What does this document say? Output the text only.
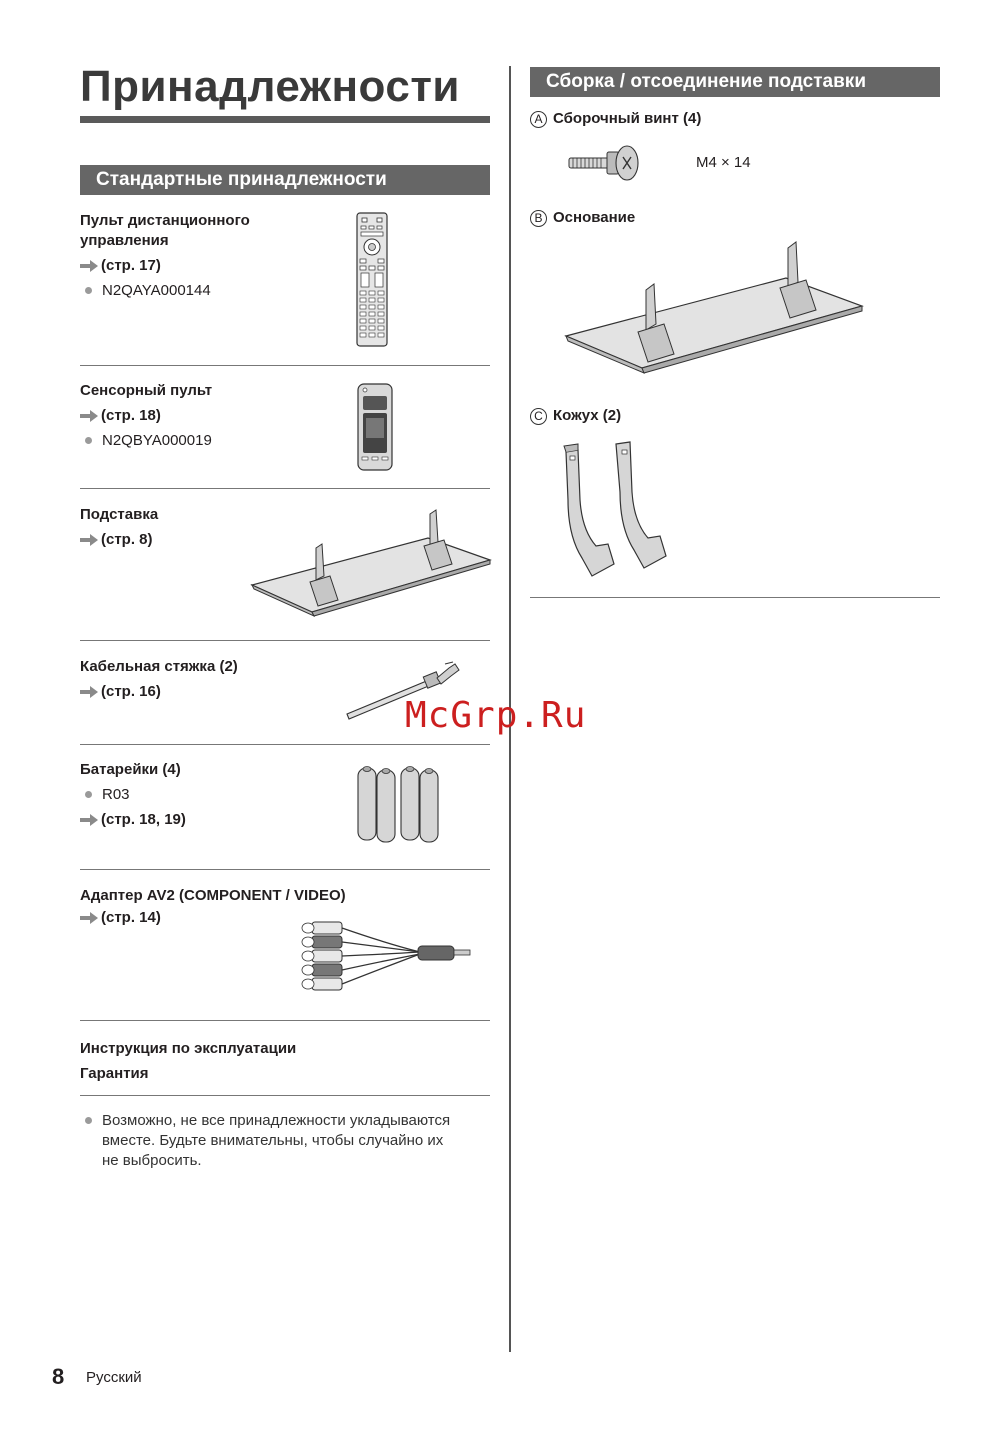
Принадлежности
Стандартные принадлежности
Пульт дистанционного
управления
(стр. 17)
N2QAYA000144
Сенсорный пульт
(стр. 18)
N2QBYA000019
Подставка
(стр. 8)
Кабельная стяжка (2)
(стр. 16)
Батарейки (4)
R03
(стр. 18, 19)
Адаптер AV2 (COMPONENT / VIDEO)
(стр. 14)
Инструкция по эксплуатации
Гарантия
Возможно, не все принадлежности укладываются
вместе. Будьте внимательны, чтобы случайно их
не выбросить.
Сборка / отсоединение подставки
A Сборочный винт (4)
M4 × 14
B Основание
C Кожух (2)
McGrp.Ru
8 Русский
